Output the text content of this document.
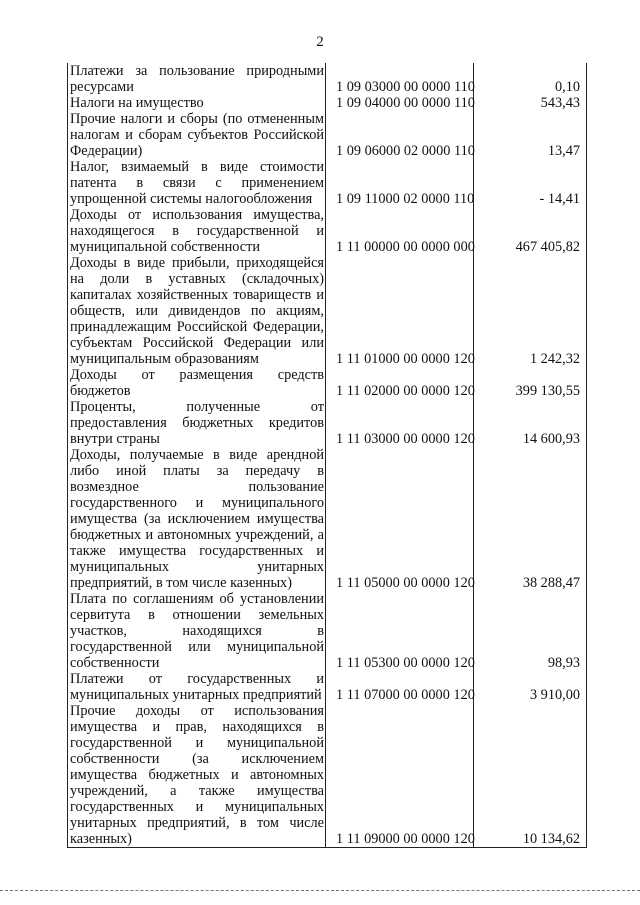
2
Платежи за пользование природными ресурсами	1 09 03000 00 0000 110	0,10
Налоги на имущество	1 09 04000 00 0000 110	543,43
Прочие налоги и сборы (по отмененным налогам и сборам субъектов Российской Федерации)	1 09 06000 02 0000 110	13,47
Налог, взимаемый в виде стоимости патента в связи с применением упрощенной системы налогообложения	1 09 11000 02 0000 110	- 14,41
Доходы от использования имущества, находящегося в государственной и муниципальной собственности	1 11 00000 00 0000 000	467 405,82
Доходы в виде прибыли, приходящейся на доли в уставных (складочных) капиталах хозяйственных товариществ и обществ, или дивидендов по акциям, принадлежащим Российской Федерации, субъектам Российской Федерации или муниципальным образованиям	1 11 01000 00 0000 120	1 242,32
Доходы от размещения средств бюджетов	1 11 02000 00 0000 120	399 130,55
Проценты, полученные от предоставления бюджетных кредитов внутри страны	1 11 03000 00 0000 120	14 600,93
Доходы, получаемые в виде арендной либо иной платы за передачу в возмездное пользование государственного и муниципального имущества (за исключением имущества бюджетных и автономных учреждений, а также имущества государственных и муниципальных унитарных предприятий, в том числе казенных)	1 11 05000 00 0000 120	38 288,47
Плата по соглашениям об установлении сервитута в отношении земельных участков, находящихся в государственной или муниципальной собственности	1 11 05300 00 0000 120	98,93
Платежи от государственных и муниципальных унитарных предприятий	1 11 07000 00 0000 120	3 910,00
Прочие доходы от использования имущества и прав, находящихся в государственной и муниципальной собственности (за исключением имущества бюджетных и автономных учреждений, а также имущества государственных и муниципальных унитарных предприятий, в том числе казенных)	1 11 09000 00 0000 120	10 134,62
